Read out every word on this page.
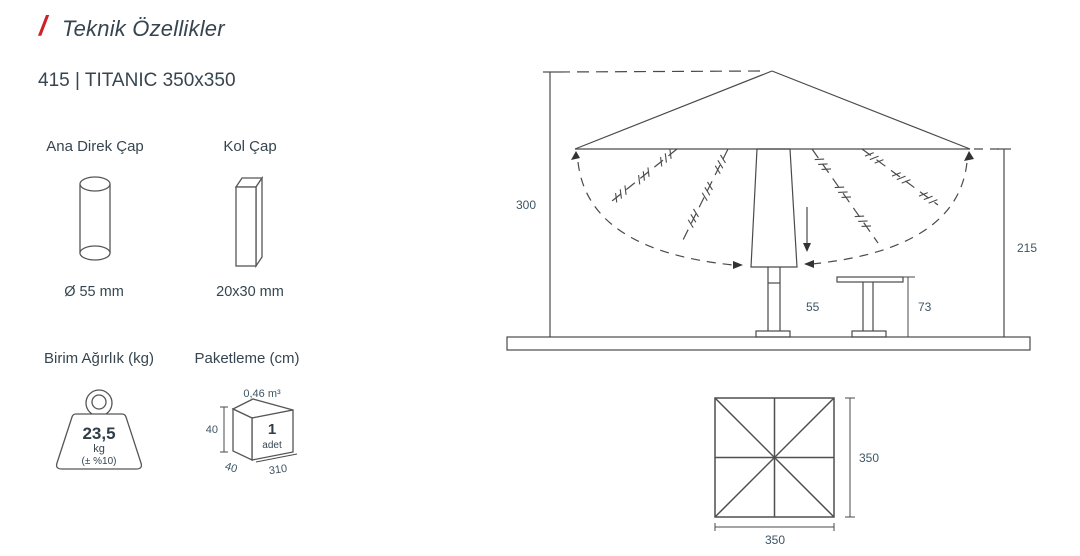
/ Teknik Özellikler
415 | TITANIC 350x350
Ana Direk Çap	Kol Çap
Ø 55 mm	20x30 mm
Birim Ağırlık (kg)	Paketleme (cm)
23,5
kg
(± %10)
0,46 m³
40
40	310
1
adet
300
215
55	73
350
350
